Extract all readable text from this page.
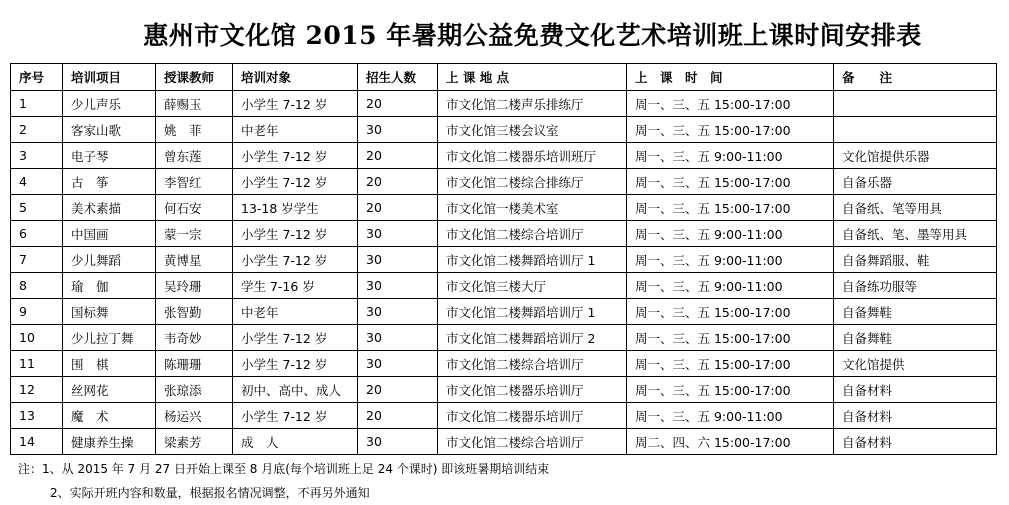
惠州市文化馆 2015 年暑期公益免费文化艺术培训班上课时间安排表
序号	培训项目	授课教师	培训对象	招生人数	上 课 地 点	上　课　时　间	备　　注
1	少儿声乐	薛赐玉	小学生 7-12 岁	20	市文化馆二楼声乐排练厅	周一、三、五 15:00-17:00	
2	客家山歌	姚　菲	中老年	30	市文化馆三楼会议室	周一、三、五 15:00-17:00	
3	电子琴	曾东莲	小学生 7-12 岁	20	市文化馆二楼器乐培训班厅	周一、三、五 9:00-11:00	文化馆提供乐器
4	古　筝	李智红	小学生 7-12 岁	20	市文化馆二楼综合排练厅	周一、三、五 15:00-17:00	自备乐器
5	美术素描	何石安	13-18 岁学生	20	市文化馆一楼美术室	周一、三、五 15:00-17:00	自备纸、笔等用具
6	中国画	蒙一宗	小学生 7-12 岁	30	市文化馆二楼综合培训厅	周一、三、五 9:00-11:00	自备纸、笔、墨等用具
7	少儿舞蹈	黄博星	小学生 7-12 岁	30	市文化馆二楼舞蹈培训厅 1	周一、三、五 9:00-11:00	自备舞蹈服、鞋
8	瑜　伽	吴玲珊	学生 7-16 岁	30	市文化馆三楼大厅	周一、三、五 9:00-11:00	自备练功服等
9	国标舞	张智勤	中老年	30	市文化馆二楼舞蹈培训厅 1	周一、三、五 15:00-17:00	自备舞鞋
10	少儿拉丁舞	韦奇妙	小学生 7-12 岁	30	市文化馆二楼舞蹈培训厅 2	周一、三、五 15:00-17:00	自备舞鞋
11	围　棋	陈珊珊	小学生 7-12 岁	30	市文化馆二楼综合培训厅	周一、三、五 15:00-17:00	文化馆提供
12	丝网花	张琼添	初中、高中、成人	20	市文化馆二楼器乐培训厅	周一、三、五 15:00-17:00	自备材料
13	魔　术	杨运兴	小学生 7-12 岁	20	市文化馆二楼器乐培训厅	周一、三、五 9:00-11:00	自备材料
14	健康养生操	梁素芳	成　人	30	市文化馆二楼综合培训厅	周二、四、六 15:00-17:00	自备材料
注：1、从 2015 年 7 月 27 日开始上课至 8 月底(每个培训班上足 24 个课时) 即该班暑期培训结束
2、实际开班内容和数量，根据报名情况调整，不再另外通知
